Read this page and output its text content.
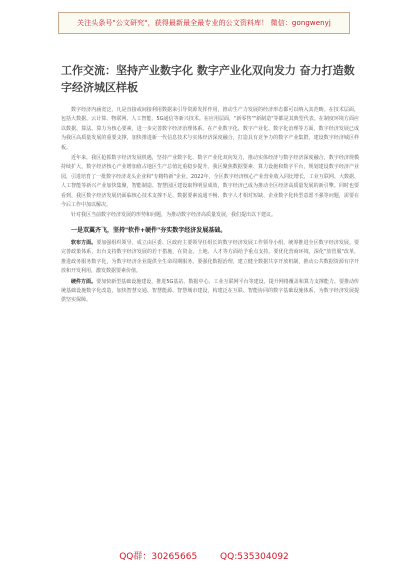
关注头条号"公文研究"，获得最新最全最专业的公文资料库！ 微信：gongwenyj
工作交流：坚持产业数字化 数字产业化双向发力 奋力打造数字经济城区样板

数字经济内涵宽泛，凡是直接或间接利用数据来引导资源发挥作用，推动生产力发展的经济形态都可以纳入其范畴。在技术层面，包括大数据、云计算、物联网、人工智能、5G通信等新兴技术。在应用层面，"新零售""新制造"等都是其典型代表。在制度环境方面应以数据、算法、算力为核心要素，进一步完善数字经济治理体系。在产业数字化、数字产业化、数字化治理等方面，数字经济发展已成为我区高质量发展的重要支撑，加快推进新一代信息技术与实体经济深度融合，打造具有竞争力的数字产业集群，建设数字经济城区样板。

近年来，我区抢抓数字经济发展机遇，坚持产业数字化、数字产业化双向发力，推动实体经济与数字经济深度融合，数字经济规模持续扩大，数字经济核心产业增加值占地区生产总值比重稳步提升。我区聚焦数据要素、算力设施和数字平台，规划建设数字经济产业园，引进培育了一批数字经济龙头企业和"专精特新"企业。2022年，全区数字经济核心产业营业收入同比增长，工业互联网、大数据、人工智能等新兴产业加快集聚，智能制造、智慧园区建设取得明显成效，数字经济已成为推动全区经济高质量发展的新引擎。同时也要看到，我区数字经济发展仍面临核心技术支撑不足、数据要素流通不畅、数字人才相对短缺、企业数字化转型意愿不强等问题，需要在今后工作中加以解决。

针对我区当前数字经济发展的形势和问题，为推动数字经济高质量发展，我们提出以下建议。

一是双翼齐飞，坚持"软件+硬件"夯实数字经济发展基础。

软布方面。要加强组织领导，成立由区委、区政府主要领导任组长的数字经济发展工作领导小组，统筹推进全区数字经济发展。要完善政策体系，出台支持数字经济发展的若干措施，在资金、土地、人才等方面给予重点支持。要优化营商环境，深化"放管服"改革，推进政务服务数字化，为数字经济企业提供全生命周期服务。要强化数据治理，建立健全数据共享开放机制，推动公共数据资源有序开放和开发利用，激发数据要素价值。

硬件方面。要加快新型基础设施建设，推进5G基站、数据中心、工业互联网平台等建设，提升网络覆盖和算力支撑能力。要推动传统基础设施数字化改造，加快智慧交通、智慧能源、智慧城市建设，构建泛在互联、智能协同的数字基础设施体系，为数字经济发展提供坚实保障。

QQ群：30265665	QQ:535304092
